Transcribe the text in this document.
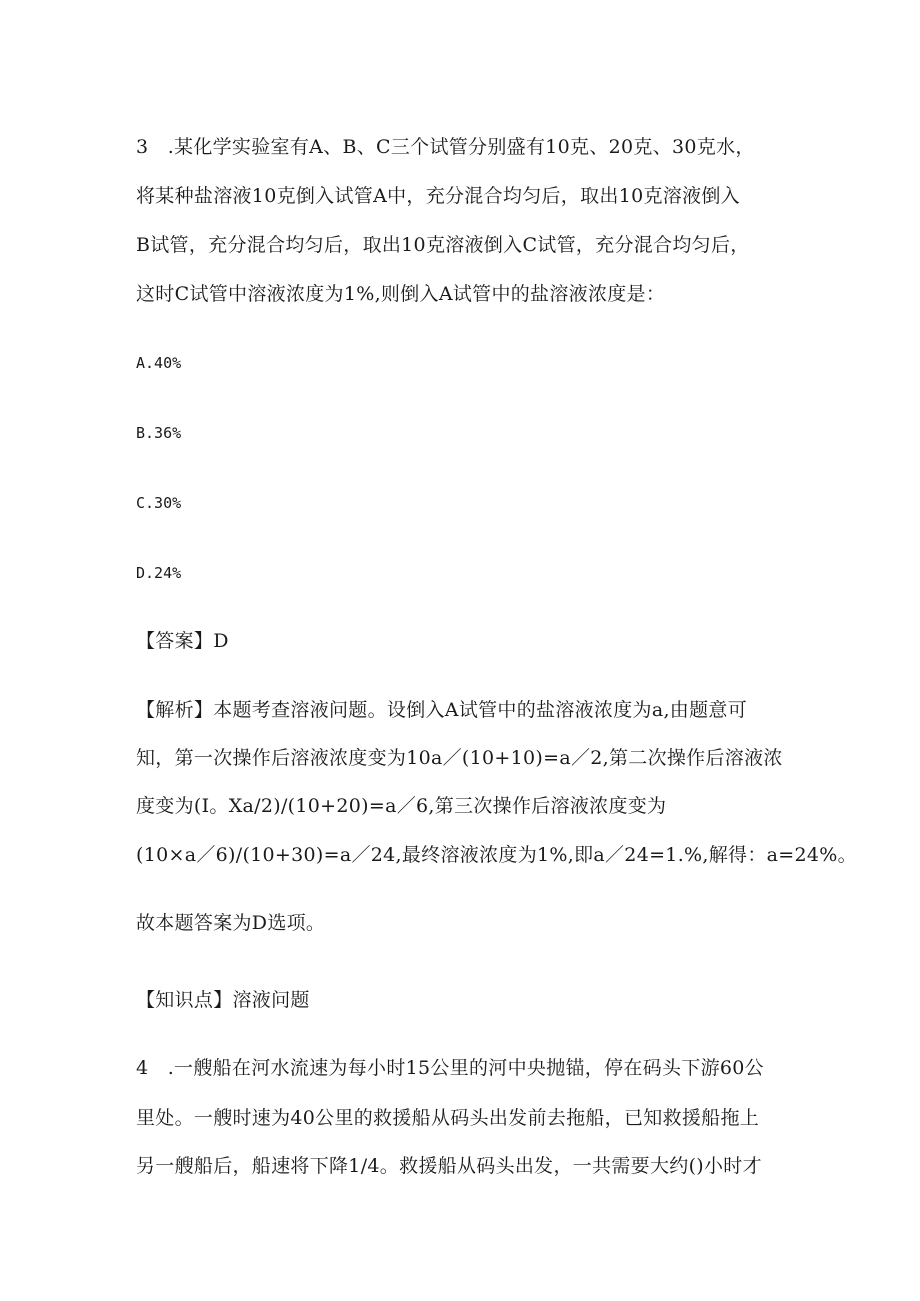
3　.某化学实验室有A、B、C三个试管分别盛有10克、20克、30克水，
将某种盐溶液10克倒入试管A中，充分混合均匀后，取出10克溶液倒入
B试管，充分混合均匀后，取出10克溶液倒入C试管，充分混合均匀后，
这时C试管中溶液浓度为1%,则倒入A试管中的盐溶液浓度是：
A.40%
B.36%
C.30%
D.24%
【答案】D
【解析】本题考查溶液问题。设倒入A试管中的盐溶液浓度为a,由题意可
知，第一次操作后溶液浓度变为10a／(10+10)=a／2,第二次操作后溶液浓
度变为(I。Xa/2)/(10+20)=a／6,第三次操作后溶液浓度变为
(10×a／6)/(10+30)=a／24,最终溶液浓度为1%,即a／24=1.%,解得：a=24%。
故本题答案为D选项。
【知识点】溶液问题
4　.一艘船在河水流速为每小时15公里的河中央抛锚，停在码头下游60公
里处。一艘时速为40公里的救援船从码头出发前去拖船，已知救援船拖上
另一艘船后，船速将下降1/4。救援船从码头出发，一共需要大约()小时才
